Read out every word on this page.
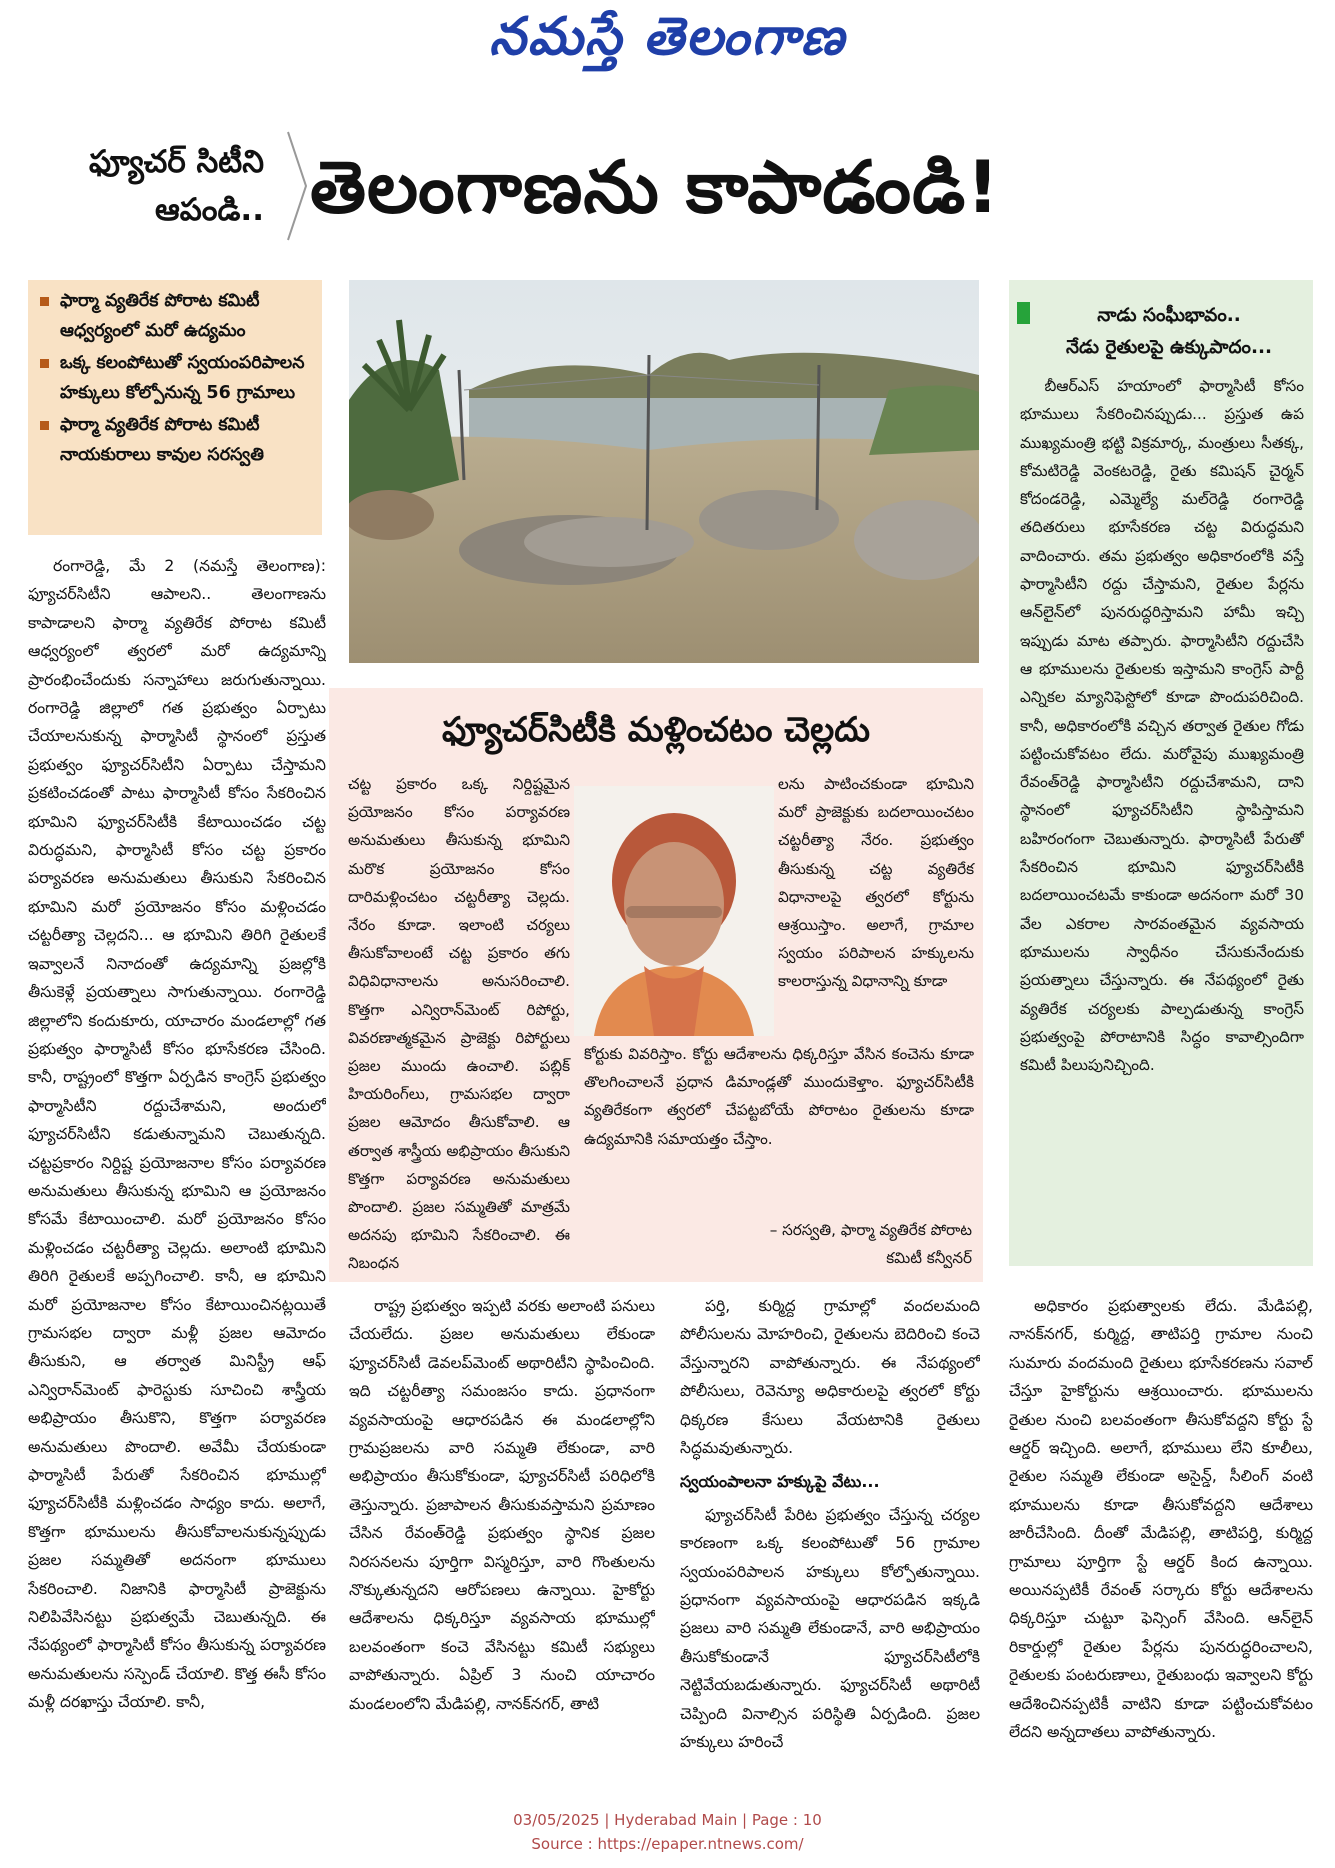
నమస్తే తెలంగాణ
ఫ్యూచర్ సిటీని
ఆపండి.. తెలంగాణను కాపాడండి!
ఫార్మా వ్యతిరేక పోరాట కమిటీ ఆధ్వర్యంలో మరో ఉద్యమం
ఒక్క కలంపోటుతో స్వయంపరిపాలన హక్కులు కోల్పోనున్న 56 గ్రామాలు
ఫార్మా వ్యతిరేక పోరాట కమిటీ నాయకురాలు కావుల సరస్వతి

రంగారెడ్డి, మే 2 (నమస్తే తెలంగాణ): ఫ్యూచర్‌సిటీని ఆపాలని.. తెలంగాణను కాపాడాలని ఫార్మా వ్యతిరేక పోరాట కమిటీ ఆధ్వర్యంలో త్వరలో మరో ఉద్యమాన్ని ప్రారంభించేందుకు సన్నాహాలు జరుగుతున్నాయి. రంగారెడ్డి జిల్లాలో గత ప్రభుత్వం ఏర్పాటు చేయాలనుకున్న ఫార్మాసిటీ స్థానంలో ప్రస్తుత ప్రభుత్వం ఫ్యూచర్‌సిటీని ఏర్పాటు చేస్తామని ప్రకటించడంతో పాటు ఫార్మాసిటీ కోసం సేకరించిన భూమిని ఫ్యూచర్‌సిటీకి కేటాయించడం చట్ట విరుద్ధమని, ఫార్మాసిటీ కోసం చట్ట ప్రకారం పర్యావరణ అనుమతులు తీసుకుని సేకరించిన భూమిని మరో ప్రయోజనం కోసం మళ్లించడం చట్టరీత్యా చెల్లదని... ఆ భూమిని తిరిగి రైతులకే ఇవ్వాలనే నినాదంతో ఉద్యమాన్ని ప్రజల్లోకి తీసుకెళ్లే ప్రయత్నాలు సాగుతున్నాయి. రంగారెడ్డి జిల్లాలోని కందుకూరు, యాచారం మండలాల్లో గత ప్రభుత్వం ఫార్మాసిటీ కోసం భూసేకరణ చేసింది. కానీ, రాష్ట్రంలో కొత్తగా ఏర్పడిన కాంగ్రెస్ ప్రభుత్వం ఫార్మాసిటీని రద్దుచేశామని, అందులో ఫ్యూచర్‌సిటీని కడుతున్నామని చెబుతున్నది. చట్టప్రకారం నిర్దిష్ట ప్రయోజనాల కోసం పర్యావరణ అనుమతులు తీసుకున్న భూమిని ఆ ప్రయోజనం కోసమే కేటాయించాలి. మరో ప్రయోజనం కోసం మళ్లించడం చట్టరీత్యా చెల్లదు. అలాంటి భూమిని తిరిగి రైతులకే అప్పగించాలి. కానీ, ఆ భూమిని మరో ప్రయోజనాల కోసం కేటాయించినట్లయితే గ్రామసభల ద్వారా మళ్లీ ప్రజల ఆమోదం తీసుకుని, ఆ తర్వాత మినిస్ట్రీ ఆఫ్ ఎన్విరాన్‌మెంట్ ఫారెస్టుకు సూచించి శాస్త్రీయ అభిప్రాయం తీసుకొని, కొత్తగా పర్యావరణ అనుమతులు పొందాలి. అవేమీ చేయకుండా ఫార్మాసిటీ పేరుతో సేకరించిన భూముల్లో ఫ్యూచర్‌సిటీకి మళ్లించడం సాధ్యం కాదు. అలాగే, కొత్తగా భూములను తీసుకోవాలనుకున్నప్పుడు ప్రజల సమ్మతితో అదనంగా భూములు సేకరించాలి. నిజానికి ఫార్మాసిటీ ప్రాజెక్టును నిలిపివేసినట్టు ప్రభుత్వమే చెబుతున్నది. ఈ నేపథ్యంలో ఫార్మాసిటీ కోసం తీసుకున్న పర్యావరణ అనుమతులను సస్పెండ్ చేయాలి. కొత్త ఈసీ కోసం మళ్లీ దరఖాస్తు చేయాలి. కానీ,

ఫ్యూచర్‌సిటీకి మళ్లించటం చెల్లదు
చట్ట ప్రకారం ఒక్క నిర్దిష్టమైన ప్రయోజనం కోసం పర్యావరణ అనుమతులు తీసుకున్న భూమిని మరొక ప్రయోజనం కోసం దారిమళ్లించటం చట్టరీత్యా చెల్లదు. నేరం కూడా. ఇలాంటి చర్యలు తీసుకోవాలంటే చట్ట ప్రకారం తగు విధివిధానాలను అనుసరించాలి. కొత్తగా ఎన్విరాన్‌మెంట్ రిపోర్టు, వివరణాత్మకమైన ప్రాజెక్టు రిపోర్టులు ప్రజల ముందు ఉంచాలి. పబ్లిక్ హియరింగ్‌లు, గ్రామసభల ద్వారా ప్రజల ఆమోదం తీసుకోవాలి. ఆ తర్వాత శాస్త్రీయ అభిప్రాయం తీసుకుని కొత్తగా పర్యావరణ అనుమతులు పొందాలి. ప్రజల సమ్మతితో మాత్రమే అదనపు భూమిని సేకరించాలి. ఈ నిబంధన
లను పాటించకుండా భూమిని మరో ప్రాజెక్టుకు బదలాయించటం చట్టరీత్యా నేరం. ప్రభుత్వం తీసుకున్న చట్ట వ్యతిరేక విధానాలపై త్వరలో కోర్టును ఆశ్రయిస్తాం. అలాగే, గ్రామాల స్వయం పరిపాలన హక్కులను కాలరాస్తున్న విధానాన్ని కూడా
కోర్టుకు వివరిస్తాం. కోర్టు ఆదేశాలను ధిక్కరిస్తూ వేసిన కంచెను కూడా తొలగించాలనే ప్రధాన డిమాండ్లతో ముందుకెళ్తాం. ఫ్యూచర్‌సిటీకి వ్యతిరేకంగా త్వరలో చేపట్టబోయే పోరాటం రైతులను కూడా ఉద్యమానికి సమాయత్తం చేస్తాం.
– సరస్వతి, ఫార్మా వ్యతిరేక పోరాట
కమిటీ కన్వీనర్

రాష్ట్ర ప్రభుత్వం ఇప్పటి వరకు అలాంటి పనులు చేయలేదు. ప్రజల అనుమతులు లేకుండా ఫ్యూచర్‌సిటీ డెవలప్‌మెంట్ అథారిటీని స్థాపించింది. ఇది చట్టరీత్యా సమంజసం కాదు. ప్రధానంగా వ్యవసాయంపై ఆధారపడిన ఈ మండలాల్లోని గ్రామప్రజలను వారి సమ్మతి లేకుండా, వారి అభిప్రాయం తీసుకోకుండా, ఫ్యూచర్‌సిటీ పరిధిలోకి తెస్తున్నారు. ప్రజాపాలన తీసుకువస్తామని ప్రమాణం చేసిన రేవంత్‌రెడ్డి ప్రభుత్వం స్థానిక ప్రజల నిరసనలను పూర్తిగా విస్మరిస్తూ, వారి గొంతులను నొక్కుతున్నదని ఆరోపణలు ఉన్నాయి. హైకోర్టు ఆదేశాలను ధిక్కరిస్తూ వ్యవసాయ భూముల్లో బలవంతంగా కంచె వేసినట్టు కమిటీ సభ్యులు వాపోతున్నారు. ఏప్రిల్ 3 నుంచి యాచారం మండలంలోని మేడిపల్లి, నానక్‌నగర్, తాటి

పర్తి, కుర్మిద్ద గ్రామాల్లో వందలమంది పోలీసులను మోహరించి, రైతులను బెదిరించి కంచె వేస్తున్నారని వాపోతున్నారు. ఈ నేపథ్యంలో పోలీసులు, రెవెన్యూ అధికారులపై త్వరలో కోర్టు ధిక్కరణ కేసులు వేయటానికి రైతులు సిద్ధమవుతున్నారు.

స్వయంపాలనా హక్కుపై వేటు...

ఫ్యూచర్‌సిటీ పేరిట ప్రభుత్వం చేస్తున్న చర్యల కారణంగా ఒక్క కలంపోటుతో 56 గ్రామాల స్వయంపరిపాలన హక్కులు కోల్పోతున్నాయి. ప్రధానంగా వ్యవసాయంపై ఆధారపడిన ఇక్కడి ప్రజలు వారి సమ్మతి లేకుండానే, వారి అభిప్రాయం తీసుకోకుండానే ఫ్యూచర్‌సిటీలోకి నెట్టివేయబడుతున్నారు. ఫ్యూచర్‌సిటీ అథారిటీ చెప్పింది వినాల్సిన పరిస్థితి ఏర్పడింది. ప్రజల హక్కులు హరించే

నాడు సంఘీభావం..
నేడు రైతులపై ఉక్కుపాదం...

బీఆర్‌ఎస్ హయాంలో ఫార్మాసిటీ కోసం భూములు సేకరించినప్పుడు... ప్రస్తుత ఉప ముఖ్యమంత్రి భట్టి విక్రమార్క, మంత్రులు సీతక్క, కోమటిరెడ్డి వెంకటరెడ్డి, రైతు కమిషన్ చైర్మన్ కోదండరెడ్డి, ఎమ్మెల్యే మల్‌రెడ్డి రంగారెడ్డి తదితరులు భూసేకరణ చట్ట విరుద్ధమని వాదించారు. తమ ప్రభుత్వం అధికారంలోకి వస్తే ఫార్మాసిటీని రద్దు చేస్తామని, రైతుల పేర్లను ఆన్‌లైన్‌లో పునరుద్ధరిస్తామని హామీ ఇచ్చి ఇప్పుడు మాట తప్పారు. ఫార్మాసిటీని రద్దుచేసి ఆ భూములను రైతులకు ఇస్తామని కాంగ్రెస్ పార్టీ ఎన్నికల మ్యానిఫెస్టోలో కూడా పొందుపరిచింది. కానీ, అధికారంలోకి వచ్చిన తర్వాత రైతుల గోడు పట్టించుకోవటం లేదు. మరోవైపు ముఖ్యమంత్రి రేవంత్‌రెడ్డి ఫార్మాసిటీని రద్దుచేశామని, దాని స్థానంలో ఫ్యూచర్‌సిటీని స్థాపిస్తామని బహిరంగంగా చెబుతున్నారు. ఫార్మాసిటీ పేరుతో సేకరించిన భూమిని ఫ్యూచర్‌సిటీకి బదలాయించటమే కాకుండా అదనంగా మరో 30 వేల ఎకరాల సారవంతమైన వ్యవసాయ భూములను స్వాధీనం చేసుకునేందుకు ప్రయత్నాలు చేస్తున్నారు. ఈ నేపథ్యంలో రైతు వ్యతిరేక చర్యలకు పాల్పడుతున్న కాంగ్రెస్ ప్రభుత్వంపై పోరాటానికి సిద్ధం కావాల్సిందిగా కమిటీ పిలుపునిచ్చింది.

అధికారం ప్రభుత్వాలకు లేదు. మేడిపల్లి, నానక్‌నగర్, కుర్మిద్ద, తాటిపర్తి గ్రామాల నుంచి సుమారు వందమంది రైతులు భూసేకరణను సవాల్ చేస్తూ హైకోర్టును ఆశ్రయించారు. భూములను రైతుల నుంచి బలవంతంగా తీసుకోవద్దని కోర్టు స్టే ఆర్డర్ ఇచ్చింది. అలాగే, భూములు లేని కూలీలు, రైతుల సమ్మతి లేకుండా అసైన్డ్, సీలింగ్ వంటి భూములను కూడా తీసుకోవద్దని ఆదేశాలు జారీచేసింది. దీంతో మేడిపల్లి, తాటిపర్తి, కుర్మిద్ద గ్రామాలు పూర్తిగా స్టే ఆర్డర్ కింద ఉన్నాయి. అయినప్పటికీ రేవంత్ సర్కారు కోర్టు ఆదేశాలను ధిక్కరిస్తూ చుట్టూ ఫెన్సింగ్ వేసింది. ఆన్‌లైన్ రికార్డుల్లో రైతుల పేర్లను పునరుద్ధరించాలని, రైతులకు పంటరుణాలు, రైతుబంధు ఇవ్వాలని కోర్టు ఆదేశించినప్పటికీ వాటిని కూడా పట్టించుకోవటం లేదని అన్నదాతలు వాపోతున్నారు.

03/05/2025 | Hyderabad Main | Page : 10
Source : https://epaper.ntnews.com/
